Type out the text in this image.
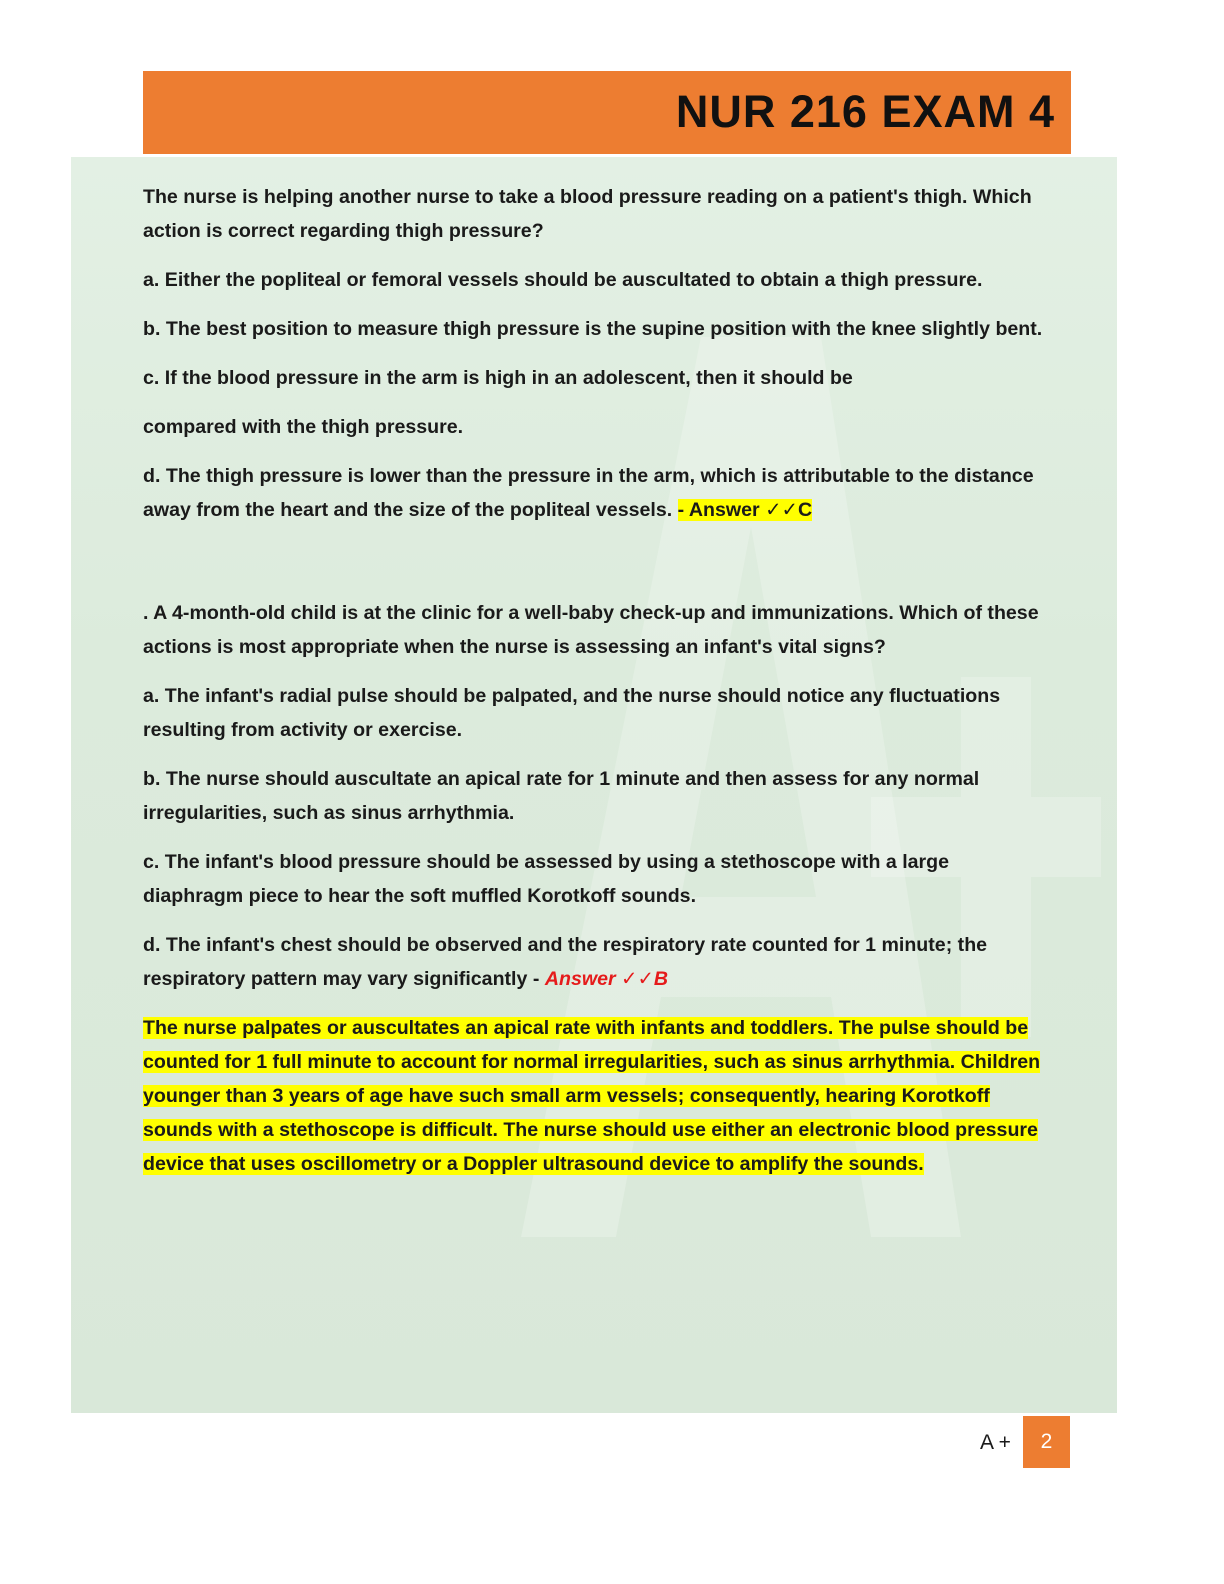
NUR 216 EXAM 4

The nurse is helping another nurse to take a blood pressure reading on a patient's thigh. Which action is correct regarding thigh pressure?

a. Either the popliteal or femoral vessels should be auscultated to obtain a thigh pressure.

b. The best position to measure thigh pressure is the supine position with the knee slightly bent.

c. If the blood pressure in the arm is high in an adolescent, then it should be

compared with the thigh pressure.

d. The thigh pressure is lower than the pressure in the arm, which is attributable to the distance away from the heart and the size of the popliteal vessels. - Answer ✓✓C

. A 4-month-old child is at the clinic for a well-baby check-up and immunizations. Which of these actions is most appropriate when the nurse is assessing an infant's vital signs?

a. The infant's radial pulse should be palpated, and the nurse should notice any fluctuations resulting from activity or exercise.

b. The nurse should auscultate an apical rate for 1 minute and then assess for any normal irregularities, such as sinus arrhythmia.

c. The infant's blood pressure should be assessed by using a stethoscope with a large diaphragm piece to hear the soft muffled Korotkoff sounds.

d. The infant's chest should be observed and the respiratory rate counted for 1 minute; the respiratory pattern may vary significantly - Answer ✓✓B

The nurse palpates or auscultates an apical rate with infants and toddlers. The pulse should be counted for 1 full minute to account for normal irregularities, such as sinus arrhythmia. Children younger than 3 years of age have such small arm vessels; consequently, hearing Korotkoff sounds with a stethoscope is difficult. The nurse should use either an electronic blood pressure device that uses oscillometry or a Doppler ultrasound device to amplify the sounds.

A +	2
